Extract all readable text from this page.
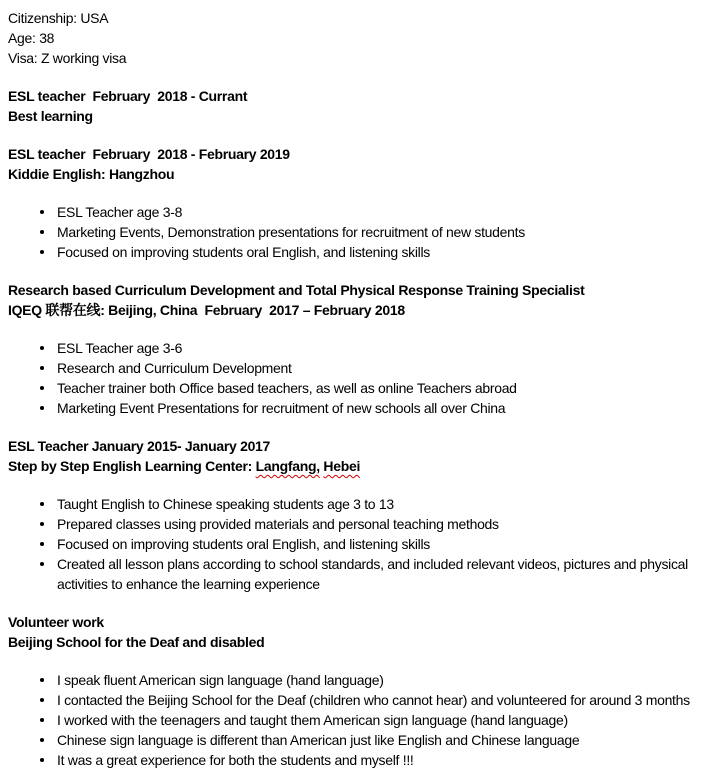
Citizenship: USA
Age: 38
Visa: Z working visa
ESL teacher  February  2018 - Currant
Best learning
ESL teacher  February  2018 - February 2019
Kiddie English: Hangzhou
ESL Teacher age 3-8
Marketing Events, Demonstration presentations for recruitment of new students
Focused on improving students oral English, and listening skills
Research based Curriculum Development and Total Physical Response Training Specialist
IQEQ 联帮在线: Beijing, China  February  2017 – February 2018
ESL Teacher age 3-6
Research and Curriculum Development
Teacher trainer both Office based teachers, as well as online Teachers abroad
Marketing Event Presentations for recruitment of new schools all over China
ESL Teacher January 2015- January 2017
Step by Step English Learning Center: Langfang, Hebei
Taught English to Chinese speaking students age 3 to 13
Prepared classes using provided materials and personal teaching methods
Focused on improving students oral English, and listening skills
Created all lesson plans according to school standards, and included relevant videos, pictures and physical activities to enhance the learning experience
Volunteer work
Beijing School for the Deaf and disabled
I speak fluent American sign language (hand language)
I contacted the Beijing School for the Deaf (children who cannot hear) and volunteered for around 3 months
I worked with the teenagers and taught them American sign language (hand language)
Chinese sign language is different than American just like English and Chinese language
It was a great experience for both the students and myself !!!
